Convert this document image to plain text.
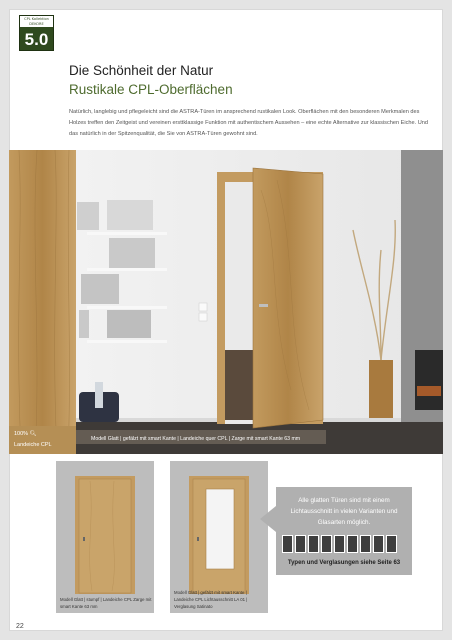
CPL Kollektion
DEKORE
5.0
Die Schönheit der Natur
Rustikale CPL-Oberflächen
Natürlich, langlebig und pflegeleicht sind die ASTRA-Türen im ansprechend rustikalen Look. Oberflächen mit den besonderen Merkmalen des Holzes treffen den Zeitgeist und vereinen ersttklassige Funktion mit authentischem Aussehen – eine echte Alternative zur klassischen Eiche. Und das natürlich in der Spitzenqualität, die Sie von ASTRA-Türen gewohnt sind.
100% 🔍︎
Landeiche CPL
Modell Glatt | gefälzt mit smart Kante | Landeiche quer CPL | Zarge mit smart Kante 63 mm
Modell Glatt | stumpf | Landeiche CPL Zarge mit smart Kante 63 mm
Modell Glatt | gefälzt mit smart Kante | Landeiche CPL Lichtausschnitt LA 01 | Verglasung Satinato
Alle glatten Türen sind mit einem Lichtausschnitt in vielen Varianten und Glasarten möglich.
Typen und Verglasungen siehe Seite 63
22
